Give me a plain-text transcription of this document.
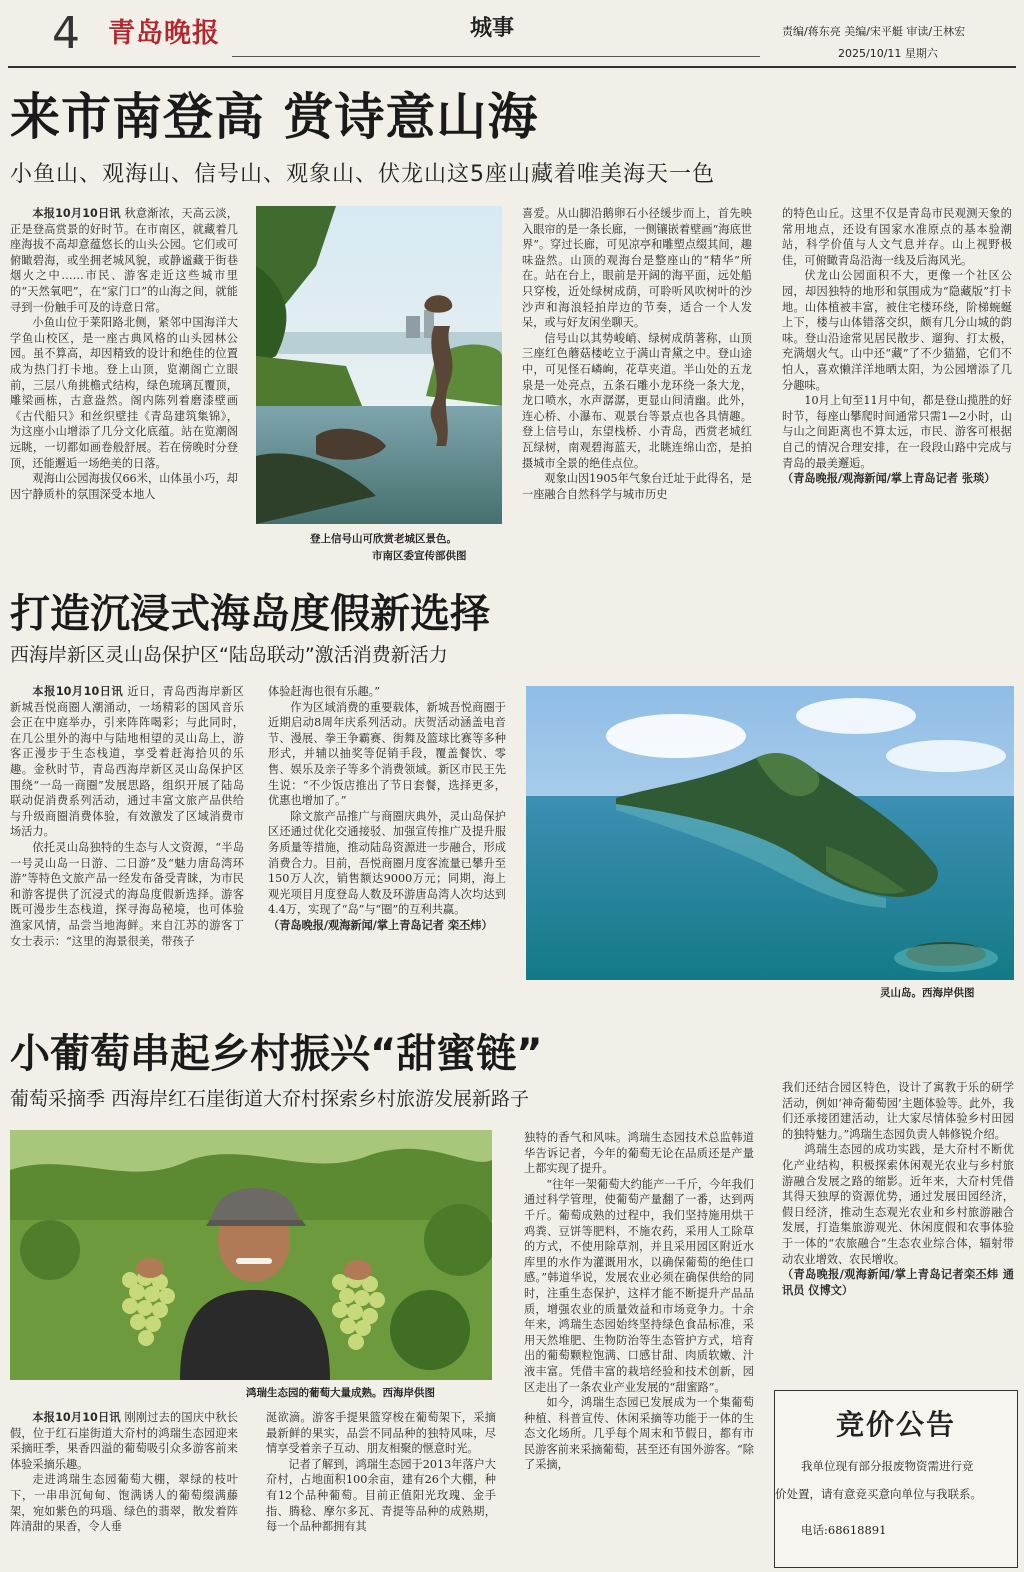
4 青岛晚报	城事	责编/蒋东亮 美编/宋平艇 审读/王林宏
2025/10/11 星期六
来市南登高 赏诗意山海
小鱼山、观海山、信号山、观象山、伏龙山这5座山藏着唯美海天一色

本报10月10日讯 秋意渐浓，天高云淡，正是登高赏景的好时节。在市南区，就藏着几座海拔不高却意蕴悠长的山头公园。它们或可俯瞰碧海，或坐拥老城风貌，或静谧藏于街巷烟火之中……市民、游客走近这些城市里的“天然氧吧”，在“家门口”的山海之间，就能寻到一份触手可及的诗意日常。

小鱼山位于莱阳路北侧，紧邻中国海洋大学鱼山校区，是一座古典风格的山头园林公园。虽不算高，却因精致的设计和绝佳的位置成为热门打卡地。登上山顶，览潮阁亡立眼前，三层八角挑檐式结构，绿色琉璃瓦覆顶，雕梁画栋，古意盎然。阁内陈列着磨漆壁画《古代船只》和丝织壁挂《青岛建筑集锦》，为这座小山增添了几分文化底蕴。站在览潮阁远眺，一切都如画卷般舒展。若在傍晚时分登顶，还能邂逅一场绝美的日落。

观海山公园海拔仅66米，山体虽小巧，却因宁静质朴的氛围深受本地人

登上信号山可欣赏老城区景色。
市南区委宣传部供图

喜爱。从山脚沿鹅卵石小径缓步而上，首先映入眼帘的是一条长廊，一侧镶嵌着壁画“海底世界”。穿过长廊，可见凉亭和雕塑点缀其间，趣味盎然。山顶的观海台是整座山的“精华”所在。站在台上，眼前是开阔的海平面，远处船只穿梭，近处绿树成荫，可聆听风吹树叶的沙沙声和海浪轻拍岸边的节奏，适合一个人发呆，或与好友闲坐聊天。

信号山以其势峻峭、绿树成荫著称，山顶三座红色蘑菇楼屹立于满山青黛之中。登山途中，可见怪石嶙峋，花草夹道。半山处的五龙泉是一处亮点，五条石雕小龙环绕一条大龙，龙口喷水，水声潺潺，更显山间清幽。此外，连心桥、小瀑布、观景台等景点也各具情趣。登上信号山，东望栈桥、小青岛，西赏老城红瓦绿树，南观碧海蓝天，北眺连绵山峦，是拍摄城市全景的绝佳点位。

观象山因1905年气象台迁址于此得名，是一座融合自然科学与城市历史

的特色山丘。这里不仅是青岛市民观测天象的常用地点，还设有国家水准原点的基本验潮站，科学价值与人文气息并存。山上视野极佳，可俯瞰青岛沿海一线及后海风光。

伏龙山公园面积不大，更像一个社区公园，却因独特的地形和氛围成为“隐藏版”打卡地。山体植被丰富，被住宅楼环绕，阶梯蜿蜒上下，楼与山体错落交织，颇有几分山城的韵味。登山沿途常见居民散步、遛狗、打太极，充满烟火气。山中还“藏”了不少猫猫，它们不怕人，喜欢懒洋洋地晒太阳，为公园增添了几分趣味。

10月上旬至11月中旬，都是登山揽胜的好时节，每座山攀爬时间通常只需1—2小时，山与山之间距离也不算太远，市民、游客可根据自己的情况合理安排，在一段段山路中完成与青岛的最美邂逅。

（青岛晚报/观海新闻/掌上青岛记者 张琰）

打造沉浸式海岛度假新选择
西海岸新区灵山岛保护区“陆岛联动”激活消费新活力

本报10月10日讯 近日，青岛西海岸新区新城吾悦商圈人潮涌动，一场精彩的国风音乐会正在中庭举办，引来阵阵喝彩；与此同时，在几公里外的海中与陆地相望的灵山岛上，游客正漫步于生态栈道，享受着赶海拾贝的乐趣。金秋时节，青岛西海岸新区灵山岛保护区围绕“一岛一商圈”发展思路，组织开展了陆岛联动促消费系列活动，通过丰富文旅产品供给与升级商圈消费体验，有效激发了区域消费市场活力。

依托灵山岛独特的生态与人文资源，“半岛一号灵山岛一日游、二日游”及“魅力唐岛湾环游”等特色文旅产品一经发布备受青睐，为市民和游客提供了沉浸式的海岛度假新选择。游客既可漫步生态栈道，探寻海岛秘境，也可体验渔家风情，品尝当地海鲜。来自江苏的游客丁女士表示：“这里的海景很美，带孩子

体验赶海也很有乐趣。”

作为区域消费的重要载体，新城吾悦商圈于近期启动8周年庆系列活动。庆贺活动涵盖电音节、漫展、拳王争霸赛、街舞及篮球比赛等多种形式，并辅以抽奖等促销手段，覆盖餐饮、零售、娱乐及亲子等多个消费领域。新区市民王先生说：“不少饭店推出了节日套餐，选择更多，优惠也增加了。”

除文旅产品推广与商圈庆典外，灵山岛保护区还通过优化交通接驳、加强宣传推广及提升服务质量等措施，推动陆岛资源进一步融合，形成消费合力。目前，吾悦商圈月度客流量已攀升至150万人次，销售额达9000万元；同期，海上观光项目月度登岛人数及环游唐岛湾人次均达到4.4万，实现了“岛”与“圈”的互利共赢。

（青岛晚报/观海新闻/掌上青岛记者 栾丕炜）

灵山岛。西海岸供图
小葡萄串起乡村振兴“甜蜜链”
葡萄采摘季 西海岸红石崖街道大夼村探索乡村旅游发展新路子
鸿瑞生态园的葡萄大量成熟。西海岸供图

本报10月10日讯 刚刚过去的国庆中秋长假，位于红石崖街道大夼村的鸿瑞生态园迎来采摘旺季，果香四溢的葡萄吸引众多游客前来体验采摘乐趣。

走进鸿瑞生态园葡萄大棚，翠绿的枝叶下，一串串沉甸甸、饱满诱人的葡萄缀满藤架，宛如紫色的玛瑙、绿色的翡翠，散发着阵阵清甜的果香，令人垂

涎欲滴。游客手提果篮穿梭在葡萄架下，采摘最新鲜的果实，品尝不同品种的独特风味，尽情享受着亲子互动、朋友相聚的惬意时光。

记者了解到，鸿瑞生态园于2013年落户大夼村，占地面积100余亩，建有26个大棚，种有12个品种葡萄。目前正值阳光玫瑰、金手指、腾稔、摩尔多瓦、青提等品种的成熟期，每一个品种都拥有其

独特的香气和风味。鸿瑞生态园技术总监韩道华告诉记者，今年的葡萄无论在品质还是产量上都实现了提升。

“往年一架葡萄大约能产一千斤，今年我们通过科学管理，使葡萄产量翻了一番，达到两千斤。葡萄成熟的过程中，我们坚持施用烘干鸡粪、豆饼等肥料，不施农药，采用人工除草的方式，不使用除草剂，并且采用园区附近水库里的水作为灌溉用水，以确保葡萄的绝佳口感。”韩道华说，发展农业必须在确保供给的同时，注重生态保护，这样才能不断提升产品品质，增强农业的质量效益和市场竞争力。十余年来，鸿瑞生态园始终坚持绿色食品标准，采用天然堆肥、生物防治等生态管护方式，培育出的葡萄颗粒饱满、口感甘甜、肉质软嫩、汁液丰富。凭借丰富的栽培经验和技术创新，园区走出了一条农业产业发展的“甜蜜路”。

如今，鸿瑞生态园已发展成为一个集葡萄种植、科普宣传、休闲采摘等功能于一体的生态文化场所。几乎每个周末和节假日，都有市民游客前来采摘葡萄，甚至还有国外游客。“除了采摘，

我们还结合园区特色，设计了寓教于乐的研学活动，例如‘神奇葡萄园’主题体验等。此外，我们还承接团建活动，让大家尽情体验乡村田园的独特魅力。”鸿瑞生态园负责人韩修锐介绍。

鸿瑞生态园的成功实践，是大夼村不断优化产业结构，积极探索休闲观光农业与乡村旅游融合发展之路的缩影。近年来，大夼村凭借其得天独厚的资源优势，通过发展田园经济，假日经济，推动生态观光农业和乡村旅游融合发展，打造集旅游观光、休闲度假和农事体验于一体的“农旅融合”生态农业综合体，辐射带动农业增效、农民增收。

（青岛晚报/观海新闻/掌上青岛记者栾丕炜 通讯员 仪博文）

竞价公告
我单位现有部分报废物资需进行竞
价处置，请有意竞买意向单位与我联系。
电话:68618891
